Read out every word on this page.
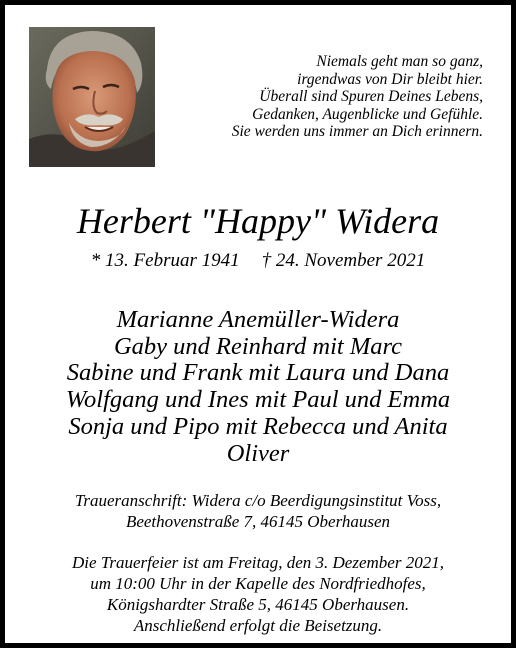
Niemals geht man so ganz,
irgendwas von Dir bleibt hier.
Überall sind Spuren Deines Lebens,
Gedanken, Augenblicke und Gefühle.
Sie werden uns immer an Dich erinnern.
Herbert "Happy" Widera
* 13. Februar 1941 † 24. November 2021
Marianne Anemüller-Widera
Gaby und Reinhard mit Marc
Sabine und Frank mit Laura und Dana
Wolfgang und Ines mit Paul und Emma
Sonja und Pipo mit Rebecca und Anita
Oliver
Traueranschrift: Widera c/o Beerdigungsinstitut Voss,
Beethovenstraße 7, 46145 Oberhausen
Die Trauerfeier ist am Freitag, den 3. Dezember 2021,
um 10:00 Uhr in der Kapelle des Nordfriedhofes,
Königshardter Straße 5, 46145 Oberhausen.
Anschließend erfolgt die Beisetzung.
